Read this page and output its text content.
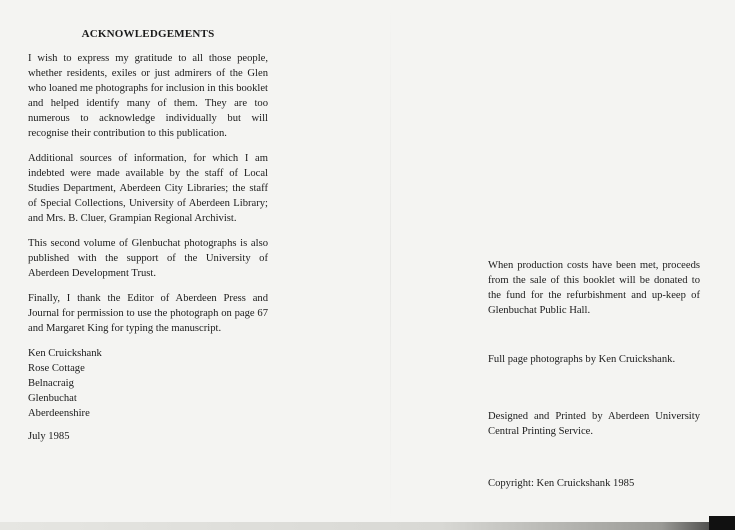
ACKNOWLEDGEMENTS

I wish to express my gratitude to all those people, whether residents, exiles or just admirers of the Glen who loaned me photographs for inclusion in this booklet and helped identify many of them. They are too numerous to acknowledge individually but will recognise their contribution to this publication.

Additional sources of information, for which I am indebted were made available by the staff of Local Studies Department, Aberdeen City Libraries; the staff of Special Collections, University of Aberdeen Library; and Mrs. B. Cluer, Grampian Regional Archivist.

This second volume of Glenbuchat photographs is also published with the support of the University of Aberdeen Development Trust.

Finally, I thank the Editor of Aberdeen Press and Journal for permission to use the photograph on page 67 and Margaret King for typing the manuscript.

Ken Cruickshank
Rose Cottage
Belnacraig
Glenbuchat
Aberdeenshire
July 1985

When production costs have been met, proceeds from the sale of this booklet will be donated to the fund for the refurbishment and up-keep of Glenbuchat Public Hall.

Full page photographs by Ken Cruickshank.

Designed and Printed by Aberdeen University Central Printing Service.

Copyright: Ken Cruickshank 1985
